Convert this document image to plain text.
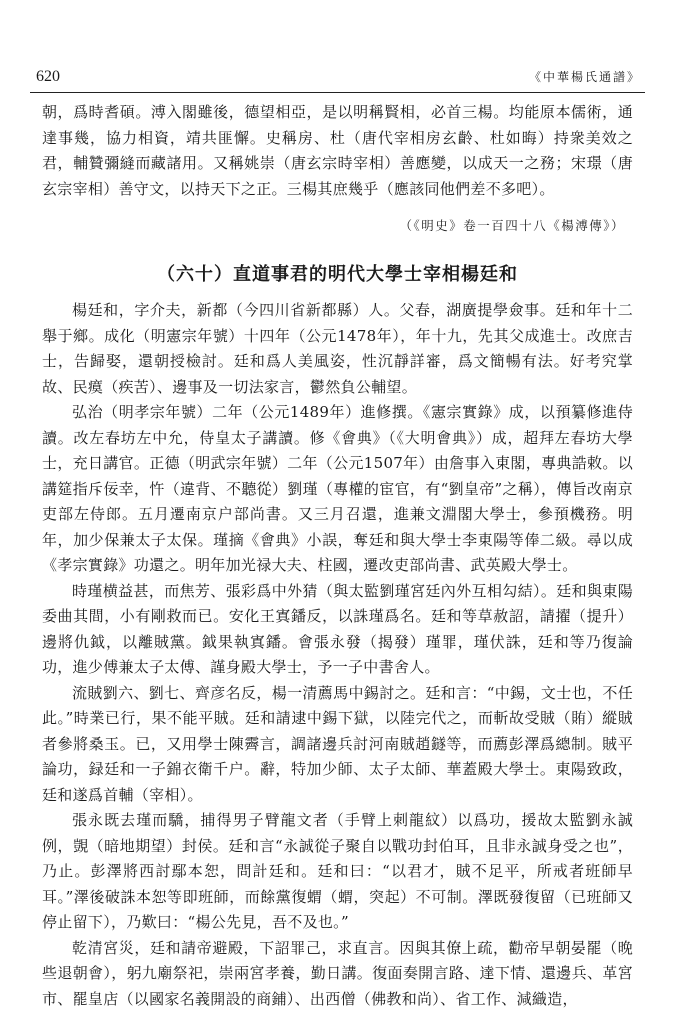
620	《中華楊氏通譜》

朝，爲時耆碩。溥入閣雖後，德望相亞，是以明稱賢相，必首三楊。均能原本儒術，通達事幾，協力相資，靖共匪懈。史稱房、杜（唐代宰相房玄齡、杜如晦）持衆美效之君，輔贊彌縫而藏諸用。又稱姚崇（唐玄宗時宰相）善應變，以成天一之務；宋璟（唐玄宗宰相）善守文，以持天下之正。三楊其庶幾乎（應該同他們差不多吧）。

（《明史》卷一百四十八《楊溥傳》）
（六十）直道事君的明代大學士宰相楊廷和

楊廷和，字介夫，新都（今四川省新都縣）人。父春，湖廣提學僉事。廷和年十二舉于鄉。成化（明憲宗年號）十四年（公元1478年），年十九，先其父成進士。改庶吉士，告歸娶，還朝授檢討。廷和爲人美風姿，性沉靜詳審，爲文簡暢有法。好考究掌故、民瘼（疾苦）、邊事及一切法家言，鬱然負公輔望。

弘治（明孝宗年號）二年（公元1489年）進修撰。《憲宗實錄》成，以預纂修進侍讀。改左春坊左中允，侍皇太子講讀。修《會典》（《大明會典》）成，超拜左春坊大學士，充日講官。正德（明武宗年號）二年（公元1507年）由詹事入東閣，專典誥敕。以講筵指斥佞幸，忤（違背、不聽從）劉瑾（專權的宦官，有“劉皇帝”之稱），傳旨改南京吏部左侍郎。五月遷南京户部尚書。又三月召還，進兼文淵閣大學士，參預機務。明年，加少保兼太子太保。瑾摘《會典》小誤，奪廷和與大學士李東陽等俸二級。尋以成《孝宗實錄》功還之。明年加光禄大夫、柱國，遷改吏部尚書、武英殿大學士。

時瑾横益甚，而焦芳、張彩爲中外猜（與太監劉瑾宮廷內外互相勾結）。廷和與東陽委曲其間，小有剛救而已。安化王寘鐇反，以誅瑾爲名。廷和等草赦詔，請擢（提升）邊將仇鉞，以離賊黨。鉞果執寘鐇。會張永發（揭發）瑾罪，瑾伏誅，廷和等乃復論功，進少傅兼太子太傅、謹身殿大學士，予一子中書舍人。

流賊劉六、劉七、齊彦名反，楊一清薦馬中錫討之。廷和言：“中錫，文士也，不任此。”時業已行，果不能平賊。廷和請逮中錫下獄，以陸完代之，而斬故受賊（賄）縱賊者參將桑玉。已，又用學士陳霽言，調諸邊兵討河南賊趙鐩等，而薦彭澤爲總制。賊平論功，録廷和一子錦衣衛千户。辭，特加少師、太子太師、華蓋殿大學士。東陽致政，廷和遂爲首輔（宰相）。

張永既去瑾而驕，捕得男子臂龍文者（手臂上刺龍紋）以爲功，援故太監劉永誠例，覬（暗地期望）封侯。廷和言“永誠從子聚自以戰功封伯耳，且非永誠身受之也”，乃止。彭澤將西討鄢本恕，問計廷和。廷和曰：“以君才，賊不足平，所戒者班師早耳。”澤後破誅本恕等即班師，而餘黨復蝟（蝟，突起）不可制。澤既發復留（已班師又停止留下），乃歎曰：“楊公先見，吾不及也。”

乾清宮災，廷和請帝避殿，下詔罪己，求直言。因與其僚上疏，勸帝早朝晏罷（晚些退朝會），躬九廟祭祀，崇兩宮孝養，勤日講。復面奏開言路、達下情、還邊兵、革宮市、罷皇店（以國家名義開設的商鋪）、出西僧（佛教和尚）、省工作、減織造，
